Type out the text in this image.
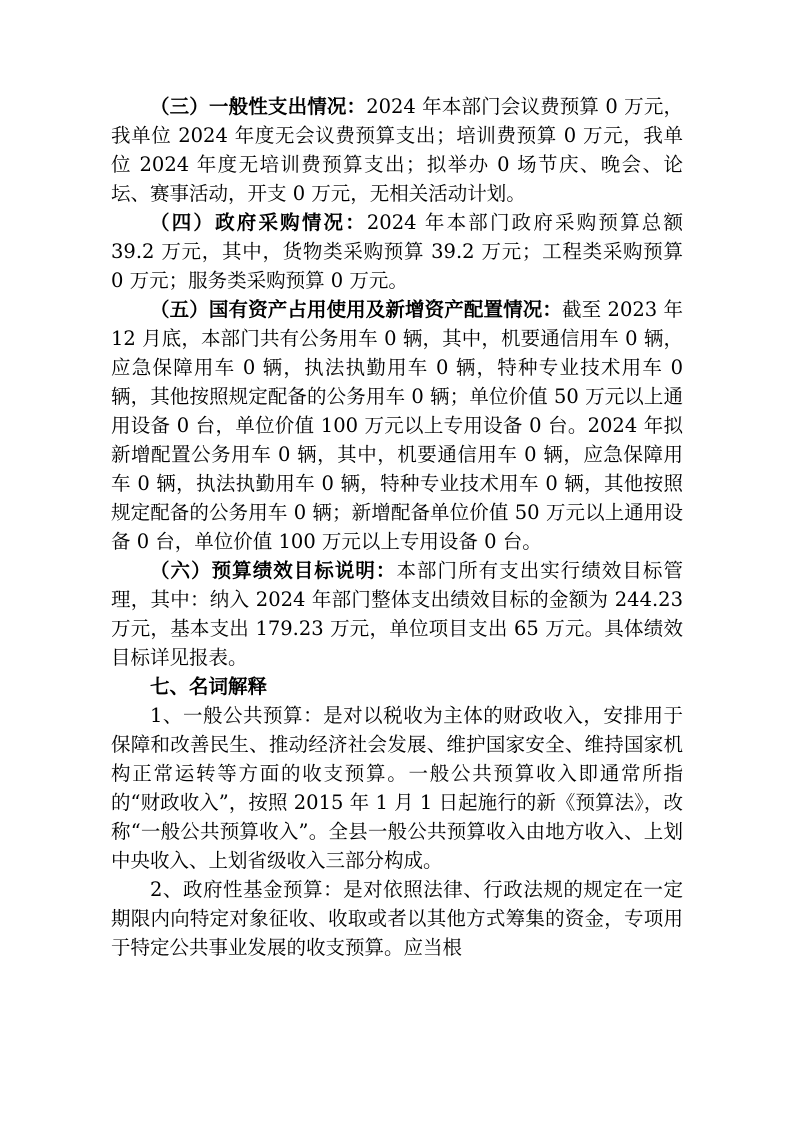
（三）一般性支出情况：2024 年本部门会议费预算 0 万元，我单位 2024 年度无会议费预算支出；培训费预算 0 万元，我单位 2024 年度无培训费预算支出；拟举办 0 场节庆、晚会、论坛、赛事活动，开支 0 万元，无相关活动计划。

（四）政府采购情况：2024 年本部门政府采购预算总额 39.2 万元，其中，货物类采购预算 39.2 万元；工程类采购预算 0 万元；服务类采购预算 0 万元。

（五）国有资产占用使用及新增资产配置情况：截至 2023 年 12 月底，本部门共有公务用车 0 辆，其中，机要通信用车 0 辆，应急保障用车 0 辆，执法执勤用车 0 辆，特种专业技术用车 0 辆，其他按照规定配备的公务用车 0 辆；单位价值 50 万元以上通用设备 0 台，单位价值 100 万元以上专用设备 0 台。2024 年拟新增配置公务用车 0 辆，其中，机要通信用车 0 辆，应急保障用车 0 辆，执法执勤用车 0 辆，特种专业技术用车 0 辆，其他按照规定配备的公务用车 0 辆；新增配备单位价值 50 万元以上通用设备 0 台，单位价值 100 万元以上专用设备 0 台。

（六）预算绩效目标说明：本部门所有支出实行绩效目标管理，其中：纳入 2024 年部门整体支出绩效目标的金额为 244.23 万元，基本支出 179.23 万元，单位项目支出 65 万元。具体绩效目标详见报表。

七、名词解释

1、一般公共预算：是对以税收为主体的财政收入，安排用于保障和改善民生、推动经济社会发展、维护国家安全、维持国家机构正常运转等方面的收支预算。一般公共预算收入即通常所指的“财政收入”，按照 2015 年 1 月 1 日起施行的新《预算法》，改称“一般公共预算收入”。全县一般公共预算收入由地方收入、上划中央收入、上划省级收入三部分构成。

2、政府性基金预算：是对依照法律、行政法规的规定在一定期限内向特定对象征收、收取或者以其他方式筹集的资金，专项用于特定公共事业发展的收支预算。应当根
